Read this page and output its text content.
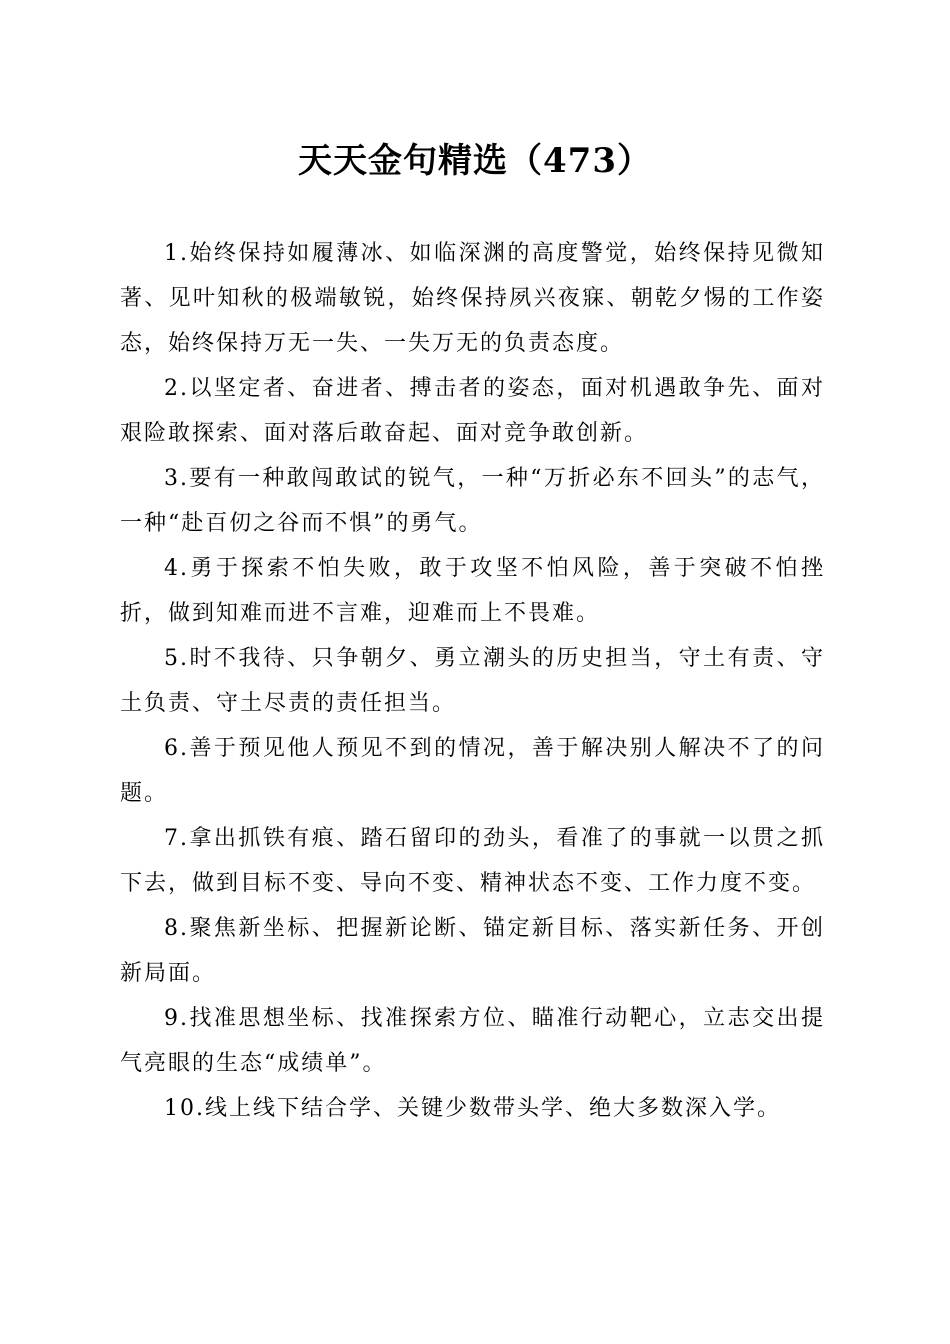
天天金句精选（473）

1.始终保持如履薄冰、如临深渊的高度警觉，始终保持见微知著、见叶知秋的极端敏锐，始终保持夙兴夜寐、朝乾夕惕的工作姿态，始终保持万无一失、一失万无的负责态度。

2.以坚定者、奋进者、搏击者的姿态，面对机遇敢争先、面对艰险敢探索、面对落后敢奋起、面对竞争敢创新。

3.要有一种敢闯敢试的锐气，一种“万折必东不回头”的志气，一种“赴百仞之谷而不惧”的勇气。

4.勇于探索不怕失败，敢于攻坚不怕风险，善于突破不怕挫折，做到知难而进不言难，迎难而上不畏难。

5.时不我待、只争朝夕、勇立潮头的历史担当，守土有责、守土负责、守土尽责的责任担当。

6.善于预见他人预见不到的情况，善于解决别人解决不了的问题。

7.拿出抓铁有痕、踏石留印的劲头，看准了的事就一以贯之抓下去，做到目标不变、导向不变、精神状态不变、工作力度不变。

8.聚焦新坐标、把握新论断、锚定新目标、落实新任务、开创新局面。

9.找准思想坐标、找准探索方位、瞄准行动靶心，立志交出提气亮眼的生态“成绩单”。

10.线上线下结合学、关键少数带头学、绝大多数深入学。
